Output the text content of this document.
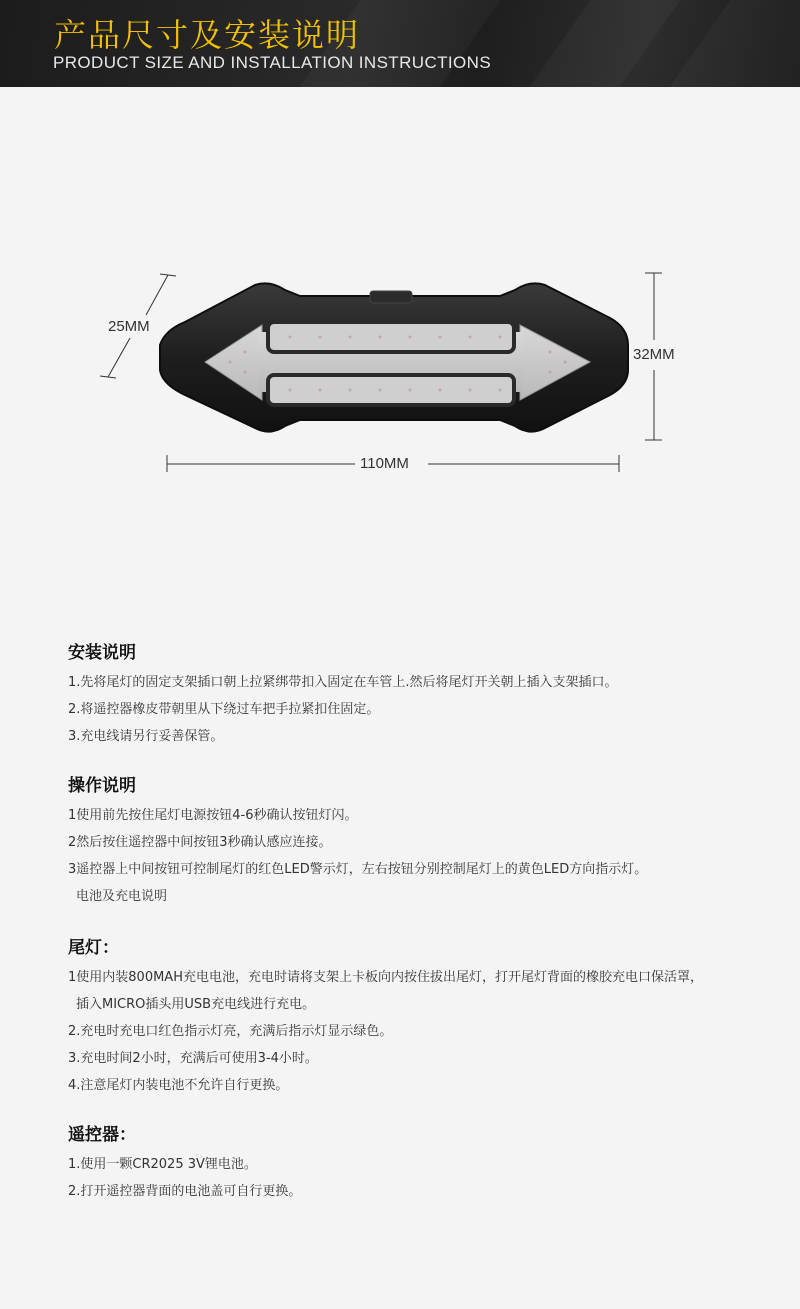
产品尺寸及安装说明
PRODUCT SIZE AND INSTALLATION INSTRUCTIONS
110MM
32MM
25MM
安装说明
1.先将尾灯的固定支架插口朝上拉紧绑带扣入固定在车管上.然后将尾灯开关朝上插入支架插口。
2.将遥控器橡皮带朝里从下绕过车把手拉紧扣住固定。
3.充电线请另行妥善保管。
操作说明
1使用前先按住尾灯电源按钮4-6秒确认按钮灯闪。
2然后按住遥控器中间按钮3秒确认感应连接。
3遥控器上中间按钮可控制尾灯的红色LED警示灯，左右按钮分别控制尾灯上的黄色LED方向指示灯。
电池及充电说明
尾灯：
1使用内装800MAH充电电池，充电时请将支架上卡板向内按住拔出尾灯，打开尾灯背面的橡胶充电口保活罩，
插入MICRO插头用USB充电线进行充电。
2.充电时充电口红色指示灯亮，充满后指示灯显示绿色。
3.充电时间2小时，充满后可使用3-4小时。
4.注意尾灯内装电池不允许自行更换。
遥控器：
1.使用一颗CR2025 3V锂电池。
2.打开遥控器背面的电池盖可自行更换。
